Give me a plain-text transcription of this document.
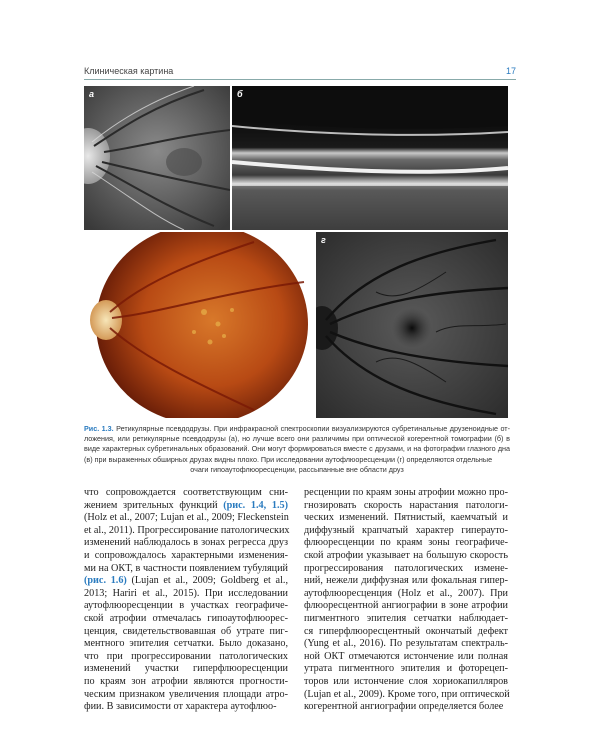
Клиническая картина	17
а	б
в	г
Рис. 1.3. Ретикулярные псевдодрузы. При инфракрасной спектроскопии визуализируются субретинальные друзеноидные от- ложения, или ретикулярные псевдодрузы (а), но лучше всего они различимы при оптической когерентной томографии (б) в виде характерных субретинальных образований. Они могут формироваться вместе с друзами, и на фотографии глазного дна (в) при выраженных обширных друзах видны плохо. При исследовании аутофлюоресценции (г) определяются отдельные
очаги гипоаутофлюоресценции, рассыпанные вне области друз
что сопровождается соответствующим сни-
жением зрительных функций (рис. 1.4, 1.5)
(Holz et al., 2007; Lujan et al., 2009; Fleckenstein
et al., 2011). Прогрессирование патологических
изменений наблюдалось в зонах регресса друз
и сопровождалось характерными изменения-
ми на ОКТ, в частности появлением тубуляций
(рис. 1.6) (Lujan et al., 2009; Goldberg et al.,
2013; Hariri et al., 2015). При исследовании
аутофлюоресценции в участках географиче-
ской атрофии отмечалась гипоаутофлюорес-
ценция, свидетельствовавшая об утрате пиг-
ментного эпителия сетчатки. Было доказано,
что при прогрессировании патологических
изменений участки гиперфлюоресценции
по краям зон атрофии являются прогности-
ческим признаком увеличения площади атро-
фии. В зависимости от характера аутофлюо-
ресценции по краям зоны атрофии можно про-
гнозировать скорость нарастания патологи-
ческих изменений. Пятнистый, каемчатый и
диффузный крапчатый характер гиперауто-
флюоресценции по краям зоны географиче-
ской атрофии указывает на большую скорость
прогрессирования патологических измене-
ний, нежели диффузная или фокальная гипер-
аутофлюоресценция (Holz et al., 2007). При
флюоресцентной ангиографии в зоне атрофии
пигментного эпителия сетчатки наблюдает-
ся гиперфлюоресцентный окончатый дефект
(Yung et al., 2016). По результатам спектраль-
ной ОКТ отмечаются истончение или полная
утрата пигментного эпителия и фоторецеп-
торов или истончение слоя хориокапилляров
(Lujan et al., 2009). Кроме того, при оптической
когерентной ангиографии определяется более
